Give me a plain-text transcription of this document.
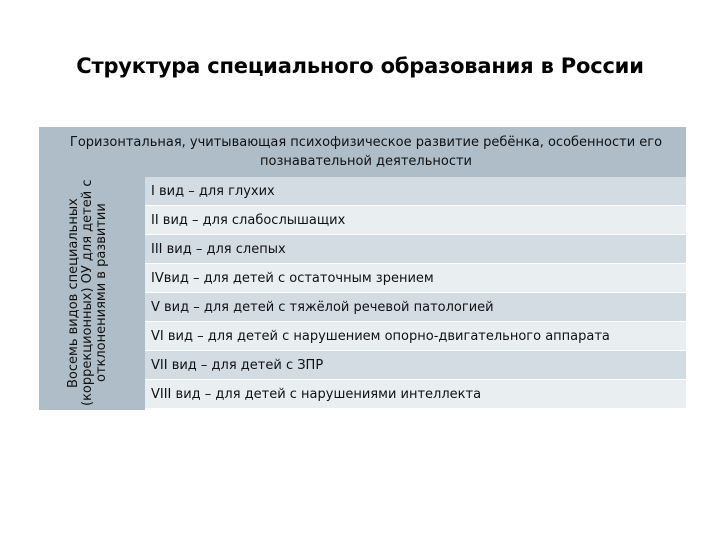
Структура специального образования в России
Горизонтальная, учитывающая психофизическое развитие ребёнка, особенности его познавательной деятельности
Восемь видов специальных (коррекционных) ОУ для детей с отклонениями в развитии
I вид – для глухих
II вид – для слабослышащих
III вид – для слепых
IVвид – для детей с остаточным зрением
V вид – для детей с тяжёлой речевой патологией
VI вид – для детей с нарушением опорно-двигательного аппарата
VII вид – для детей с ЗПР
VIII вид – для детей с нарушениями интеллекта
